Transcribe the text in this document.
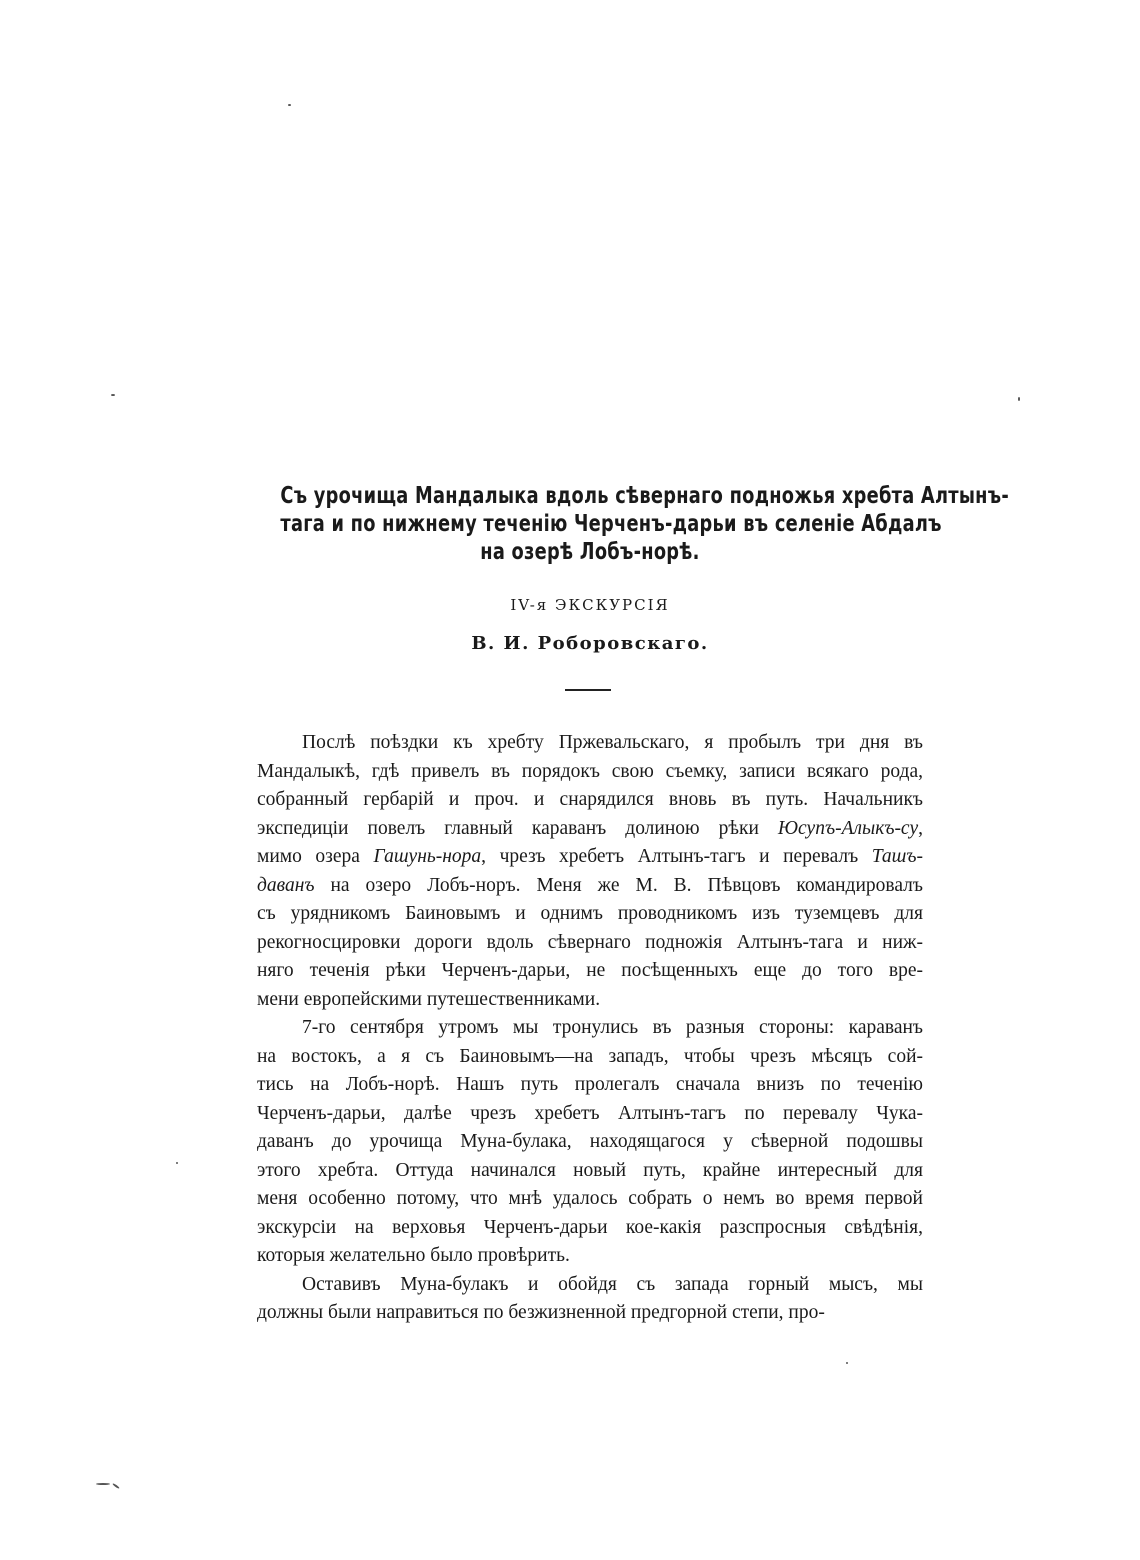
Съ урочища Мандалыка вдоль сѣвернаго подножья хребта Алтынъ-
тага и по нижнему теченію Черченъ-дарьи въ селеніе Абдалъ
на озерѣ Лобъ-норѣ.
IV-я ЭКСКУРСІЯ
В. И. Роборовскаго.
Послѣ поѣздки къ хребту Пржевальскаго, я пробылъ три дня въ
Мандалыкѣ, гдѣ привелъ въ порядокъ свою съемку, записи всякаго рода,
собранный гербарій и проч. и снарядился вновь въ путь. Начальникъ
экспедиціи повелъ главный караванъ долиною рѣки Юсупъ-Алыкъ-су,
мимо озера Гашунь-нора, чрезъ хребетъ Алтынъ-тагъ и перевалъ Ташъ-
даванъ на озеро Лобъ-норъ. Меня же М. В. Пѣвцовъ командировалъ
съ урядникомъ Баиновымъ и однимъ проводникомъ изъ туземцевъ для
рекогносцировки дороги вдоль сѣвернаго подножія Алтынъ-тага и ниж-
няго теченія рѣки Черченъ-дарьи, не посѣщенныхъ еще до того вре-
мени европейскими путешественниками.
7-го сентября утромъ мы тронулись въ разныя стороны: караванъ
на востокъ, а я съ Баиновымъ—на западъ, чтобы чрезъ мѣсяцъ сой-
тись на Лобъ-норѣ. Нашъ путь пролегалъ сначала внизъ по теченію
Черченъ-дарьи, далѣе чрезъ хребетъ Алтынъ-тагъ по перевалу Чука-
даванъ до урочища Муна-булака, находящагося у сѣверной подошвы
этого хребта. Оттуда начинался новый путь, крайне интересный для
меня особенно потому, что мнѣ удалось собрать о немъ во время первой
экскурсіи на верховья Черченъ-дарьи кое-какія разспросныя свѣдѣнія,
которыя желательно было провѣрить.
Оставивъ Муна-булакъ и обойдя съ запада горный мысъ, мы
должны были направиться по безжизненной предгорной степи, про-
